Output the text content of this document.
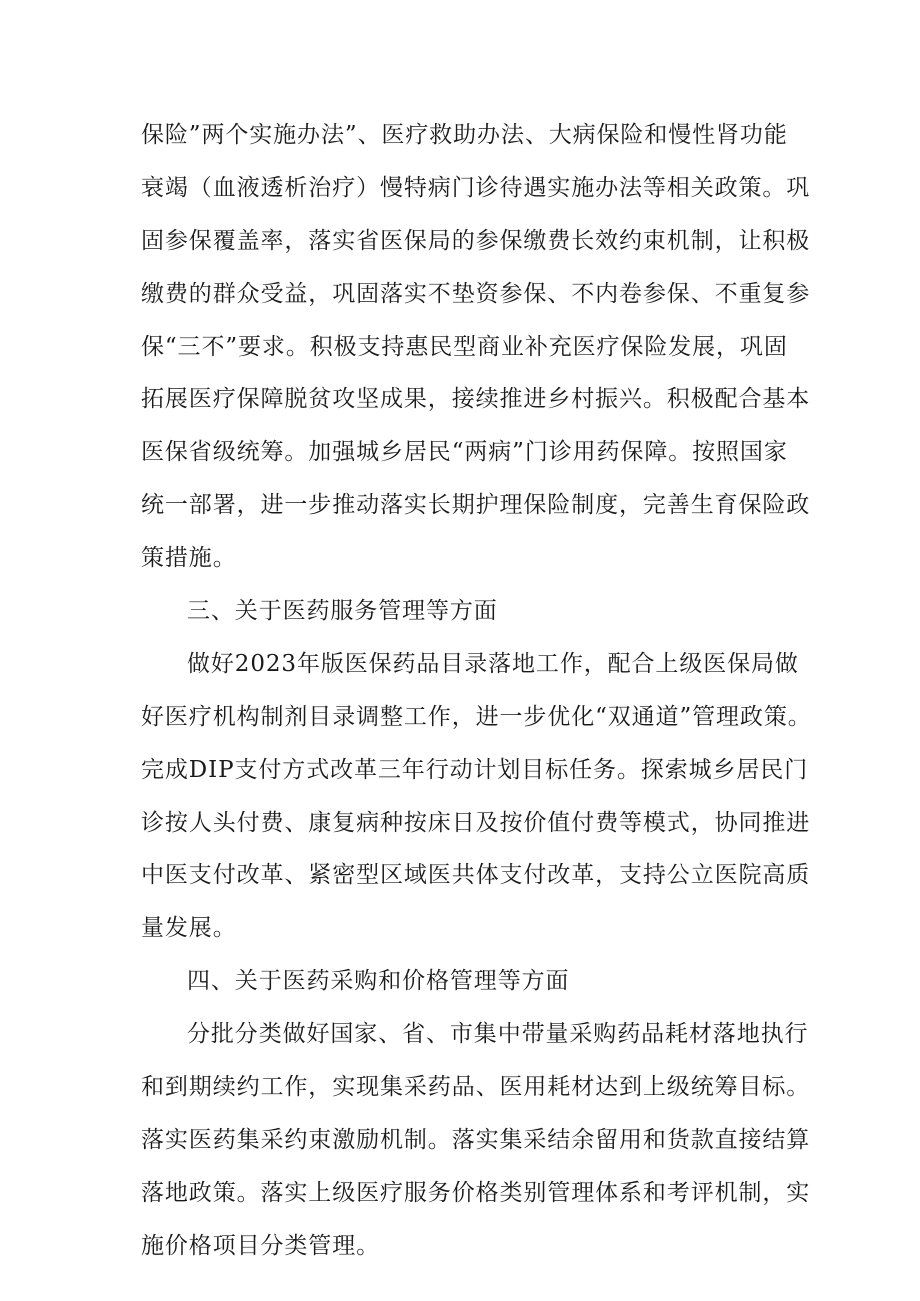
保险”两个实施办法”、医疗救助办法、大病保险和慢性肾功能
衰竭（血液透析治疗）慢特病门诊待遇实施办法等相关政策。巩
固参保覆盖率，落实省医保局的参保缴费长效约束机制，让积极
缴费的群众受益，巩固落实不垫资参保、不内卷参保、不重复参
保“三不”要求。积极支持惠民型商业补充医疗保险发展，巩固
拓展医疗保障脱贫攻坚成果，接续推进乡村振兴。积极配合基本
医保省级统筹。加强城乡居民“两病”门诊用药保障。按照国家
统一部署，进一步推动落实长期护理保险制度，完善生育保险政
策措施。
三、关于医药服务管理等方面
做好2023年版医保药品目录落地工作，配合上级医保局做
好医疗机构制剂目录调整工作，进一步优化“双通道”管理政策。
完成DIP支付方式改革三年行动计划目标任务。探索城乡居民门
诊按人头付费、康复病种按床日及按价值付费等模式，协同推进
中医支付改革、紧密型区域医共体支付改革，支持公立医院高质
量发展。
四、关于医药采购和价格管理等方面
分批分类做好国家、省、市集中带量采购药品耗材落地执行
和到期续约工作，实现集采药品、医用耗材达到上级统筹目标。
落实医药集采约束激励机制。落实集采结余留用和货款直接结算
落地政策。落实上级医疗服务价格类别管理体系和考评机制，实
施价格项目分类管理。
